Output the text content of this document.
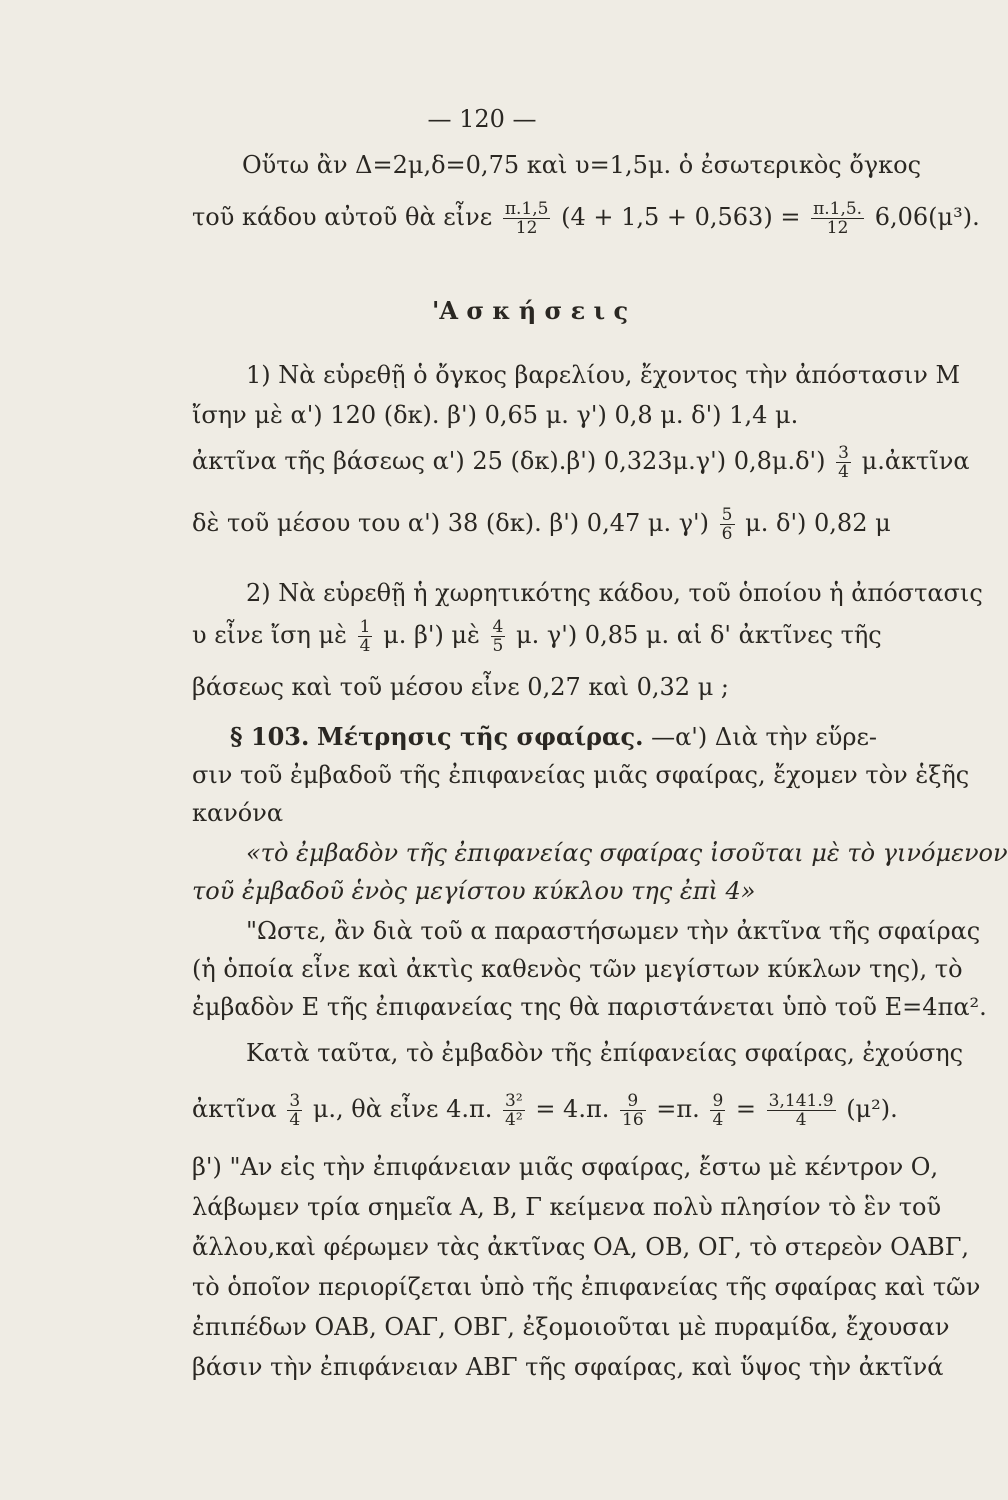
— 120 —
Οὕτω ἂν Δ=2μ,δ=0,75 καὶ υ=1,5μ. ὁ ἐσωτερικὸς ὄγκος
τοῦ κάδου αὐτοῦ θὰ εἶνε $\frac{\pi.1,5}{12} (4 + 1,5 + 0,563) = \frac{\pi.1,5.}{12} 6,06(\mu^3)$.
'Α σ κ ή σ ε ι ς
1) Νὰ εὑρεθῇ ὁ ὄγκος βαρελίου, ἔχοντος τὴν ἀπόστασιν Μ
ἴσην μὲ α') 120 (δκ). β') 0,65 μ. γ') 0,8 μ. δ') 1,4 μ.
ἀκτῖνα τῆς βάσεως α') 25 (δκ).β') 0,323μ.γ') $0,8\mu.\delta') \frac{3}{4}$ μ.ἀκτῖνα
δὲ τοῦ μέσου του α') 38 (δκ). β') 0,47 μ. $\gamma') \frac{5}{6} \mu$. δ') 0,82 μ
2) Νὰ εὑρεθῇ ἡ χωρητικότης κάδου, τοῦ ὁποίου ἡ ἀπόστασις
υ εἶνε ἴση μὲ $\frac{1}{4} \mu$. β') μὲ $\frac{4}{5} \mu$. γ') 0,85 μ. αἱ δ' ἀκτῖνες τῆς
βάσεως καὶ τοῦ μέσου εἶνε 0,27 καὶ 0,32 μ ;
§ 103. Μέτρησις τῆς σφαίρας. —α') Διὰ τὴν εὕρε-
σιν τοῦ ἐμβαδοῦ τῆς ἐπιφανείας μιᾶς σφαίρας, ἔχομεν τὸν ἑξῆς
κανόνα
«τὸ ἐμβαδὸν τῆς ἐπιφανείας σφαίρας ἰσοῦται μὲ τὸ γινόμενον
τοῦ ἐμβαδοῦ ἑνὸς μεγίστου κύκλου της ἐπὶ 4»
"Ωστε, ἂν διὰ τοῦ α παραστήσωμεν τὴν ἀκτῖνα τῆς σφαίρας
(ἡ ὁποία εἶνε καὶ ἀκτὶς καθενὸς τῶν μεγίστων κύκλων της), τὸ
ἐμβαδὸν Ε τῆς ἐπιφανείας της θὰ παριστάνεται ὑπὸ τοῦ Ε=4πα².
Κατὰ ταῦτα, τὸ ἐμβαδὸν τῆς ἐπίφανείας σφαίρας, ἐχούσης
ἀκτῖνα $\frac{3}{4} \mu$., θὰ εἶνε 4.π. $\frac{\text{3²}}{\text{4²}} = 4.\pi$. $\frac{9}{16} =\pi$. $\frac{9}{4} = \frac{3,141.9}{4} (\mu^2)$.
β') "Αν εἰς τὴν ἐπιφάνειαν μιᾶς σφαίρας, ἔστω μὲ κέντρον Ο,
λάβωμεν τρία σημεῖα Α, Β, Γ κείμενα πολὺ πλησίον τὸ ἓν τοῦ
ἄλλου,καὶ φέρωμεν τὰς ἀκτῖνας ΟΑ, ΟΒ, ΟΓ, τὸ στερεὸν ΟΑΒΓ,
τὸ ὁποῖον περιορίζεται ὑπὸ τῆς ἐπιφανείας τῆς σφαίρας καὶ τῶν
ἐπιπέδων ΟΑΒ, ΟΑΓ, ΟΒΓ, ἐξομοιοῦται μὲ πυραμίδα, ἔχουσαν
βάσιν τὴν ἐπιφάνειαν ΑΒΓ τῆς σφαίρας, καὶ ὕψος τὴν ἀκτῖνά
